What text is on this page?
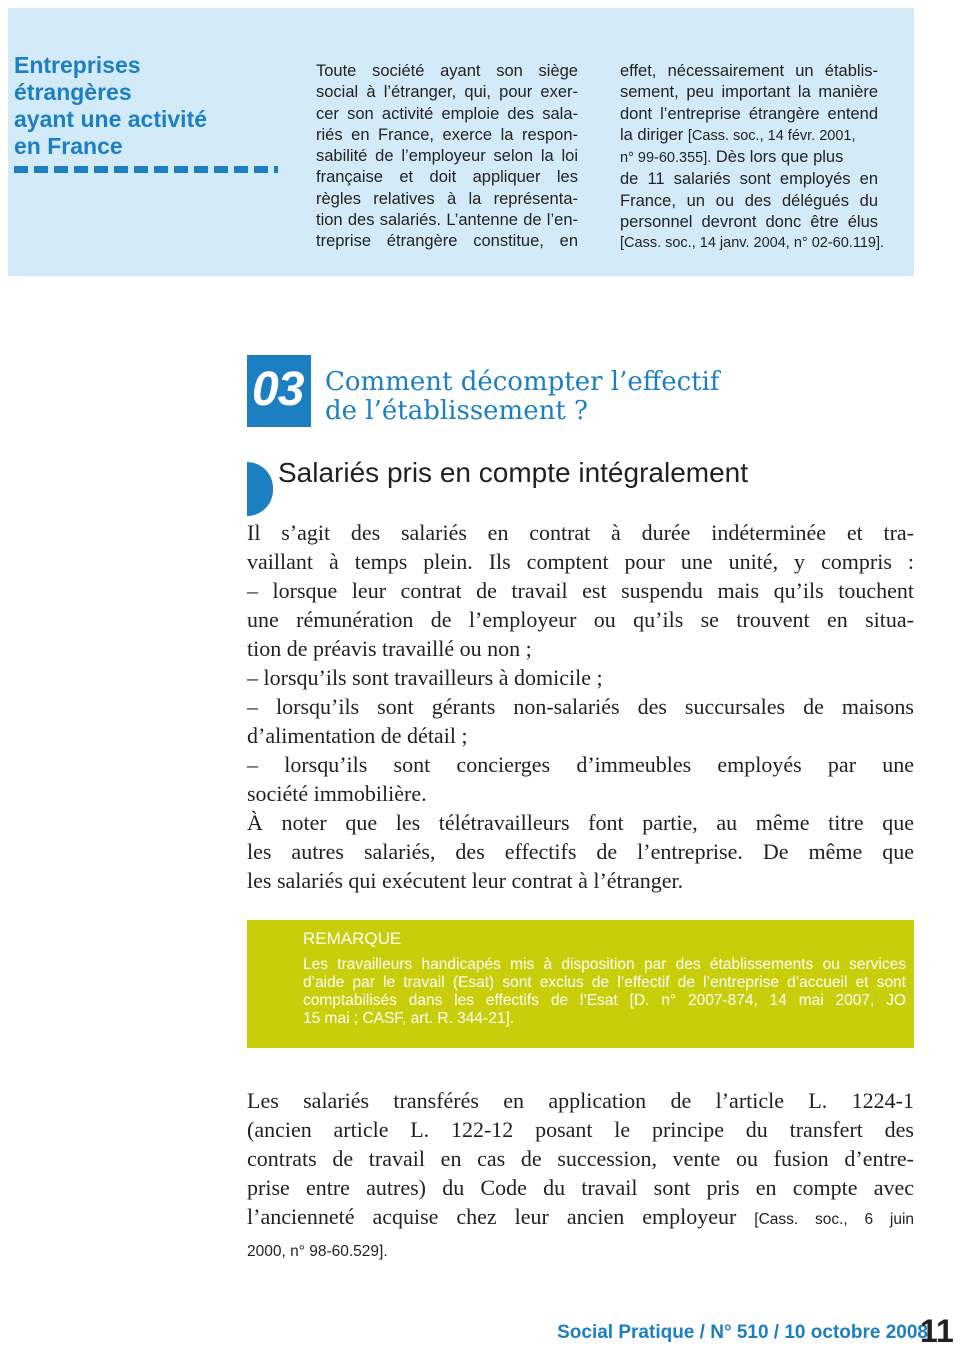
Entreprises
étrangères
ayant une activité
en France
Toute société ayant son siège
social à l’étranger, qui, pour exer-
cer son activité emploie des sala-
riés en France, exerce la respon-
sabilité de l’employeur selon la loi
française et doit appliquer les
règles relatives à la représenta-
tion des salariés. L’antenne de l’en-
treprise étrangère constitue, en
effet, nécessairement un établis-
sement, peu important la manière
dont l’entreprise étrangère entend
la diriger [Cass. soc., 14 févr. 2001,
n° 99-60.355]. Dès lors que plus
de 11 salariés sont employés en
France, un ou des délégués du
personnel devront donc être élus
[Cass. soc., 14 janv. 2004, n° 02-60.119].
03 Comment décompter l’effectif
de l’établissement ?
Salariés pris en compte intégralement
Il s’agit des salariés en contrat à durée indéterminée et tra-
vaillant à temps plein. Ils comptent pour une unité, y compris :
– lorsque leur contrat de travail est suspendu mais qu’ils touchent
une rémunération de l’employeur ou qu’ils se trouvent en situa-
tion de préavis travaillé ou non ;
– lorsqu’ils sont travailleurs à domicile ;
– lorsqu’ils sont gérants non-salariés des succursales de maisons
d’alimentation de détail ;
– lorsqu’ils sont concierges d’immeubles employés par une
société immobilière.
À noter que les télétravailleurs font partie, au même titre que
les autres salariés, des effectifs de l’entreprise. De même que
les salariés qui exécutent leur contrat à l’étranger.
REMARQUE
Les travailleurs handicapés mis à disposition par des établissements ou services
d’aide par le travail (Esat) sont exclus de l’effectif de l’entreprise d’accueil et sont
comptabilisés dans les effectifs de l’Esat [D. n° 2007-874, 14 mai 2007, JO
15 mai ; CASF, art. R. 344-21].
Les salariés transférés en application de l’article L. 1224-1
(ancien article L. 122-12 posant le principe du transfert des
contrats de travail en cas de succession, vente ou fusion d’entre-
prise entre autres) du Code du travail sont pris en compte avec
l’ancienneté acquise chez leur ancien employeur [Cass. soc., 6 juin
2000, n° 98-60.529].
Social Pratique / N° 510 / 10 octobre 2008
11
